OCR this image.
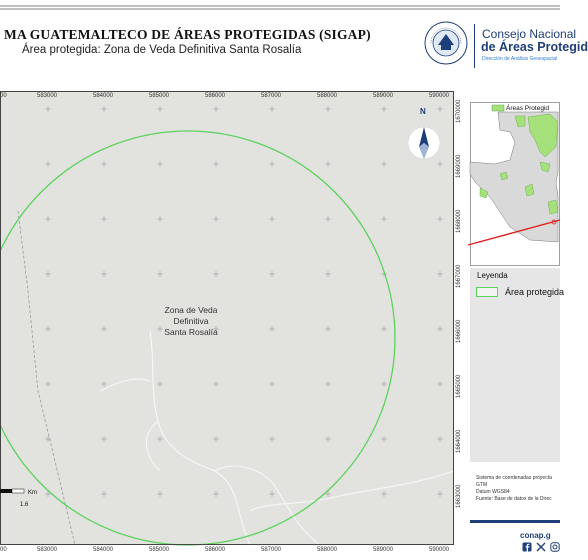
MA GUATEMALTECO DE ÁREAS PROTEGIDAS (SIGAP)
Área protegida: Zona de Veda Definitiva Santa Rosalía
Consejo Nacional
de Áreas Protegid
Dirección de Análisis Geoespacial
Zona de Veda
Definitiva
Santa Rosalía
N
00	583000	584000	585000	586000	587000	588000	589000	590000
00	583000	584000	585000	586000	587000	588000	589000	590000
1670000
1669000
1668000
1667000
1666000
1665000
1664000
1663000
Km
1.6
Áreas Protegid
Leyenda
Área protegida
Sistema de coordenadas proyecta
GTM
Datum WGS84
Fuente: Base de datos de la Direc
conap.g
